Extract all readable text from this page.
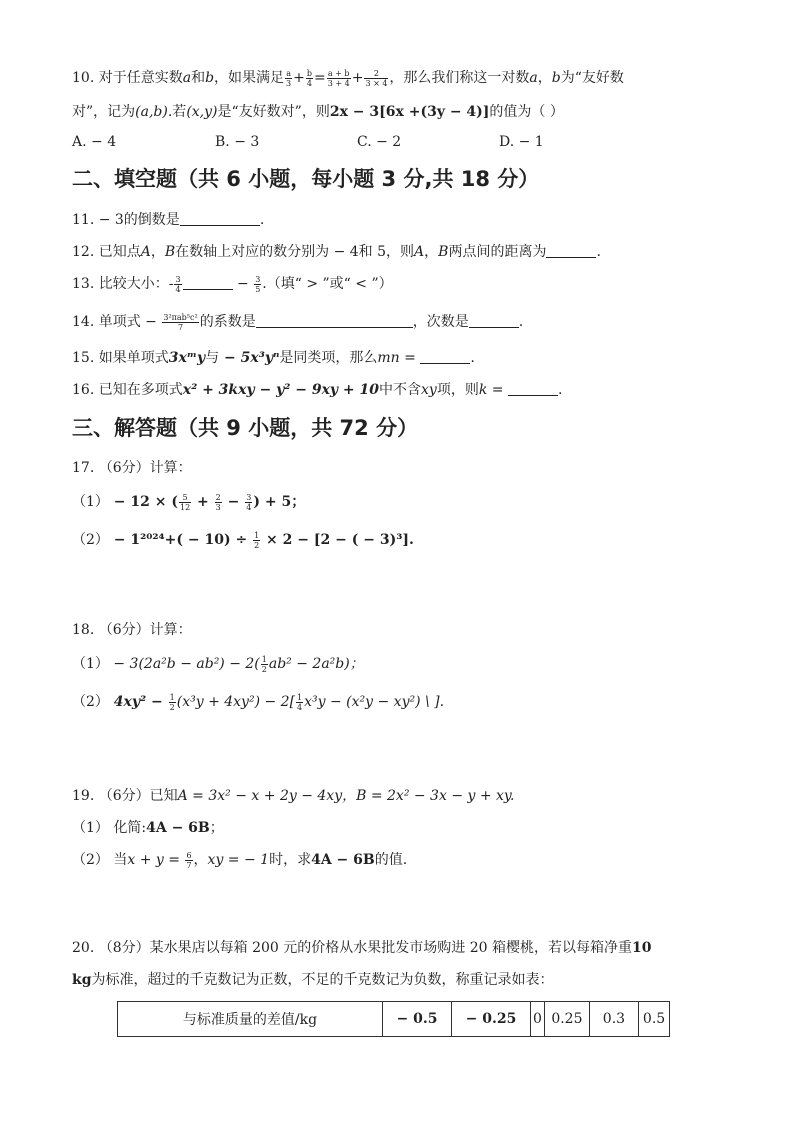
10. 对于任意实数a和b，如果满足 $\frac{a}{3} + \frac{b}{4} = \frac{a + b}{3 + 4} + \frac{2}{3 \times 4}$ ，那么我们称这一对数a，b为“友好数
对”，记为(a,b).若(x,y)是“友好数对”，则2x − 3[6x +(3y − 4)]的值为（ ）
A. − 4	B. − 3	C. − 2	D. − 1
二、填空题（共 6 小题，每小题 3 分,共 18 分）
11. − 3的倒数是	.
12. 已知点A，B在数轴上对应的数分别为 − 4和 5，则A，B两点间的距离为	.
13. 比较大小：- $\frac{3}{4}$	− $\frac{3}{5}$ .（填“ > ”或“ < ”）
14. 单项式 − $\frac{\text{3²πab⁵c²}}{7}$ 的系数是	，次数是	.
15. 如果单项式3xᵐy与 − 5x³yⁿ是同类项，那么mn =	.
16. 已知在多项式x² + 3kxy − y² − 9xy + 10中不含xy项，则k =	.
三、解答题（共 9 小题，共 72 分）
17. （6分）计算：
（1） − 12 × ( $\frac{5}{12} + \frac{2}{3} - \frac{3}{4}$ ) + 5；
$(2) - 1^{2024}+( - 10) \div \frac{1}{2} \times 2 - [2$ − ( − 3)³].
18. （6分）计算：
$(1) - 3(2a^2b - ab^2) - 2( \frac{1}{2} ab^2 - 2a^2b)$；
（2） $4xy^2 - \frac{1}{2} (x^3y + 4xy^2) - 2[ \frac{1}{4} x^3y - (x^2y - xy^2)$ \ ].
19. （6分）已知A = 3x² − x + 2y − 4xy，B = 2x² − 3x − y + xy.
（1） 化简:4A − 6B；
（2） 当$x + y = \frac{6}{7}$ ，xy = − 1时，求4A − 6B的值.
20. （8分）某水果店以每箱 200 元的价格从水果批发市场购进 20 箱樱桃，若以每箱净重10
kg为标准，超过的千克数记为正数，不足的千克数记为负数，称重记录如表：
与标准质量的差值/kg	− 0.5	− 0.25	0	0.25	0.3	0.5
